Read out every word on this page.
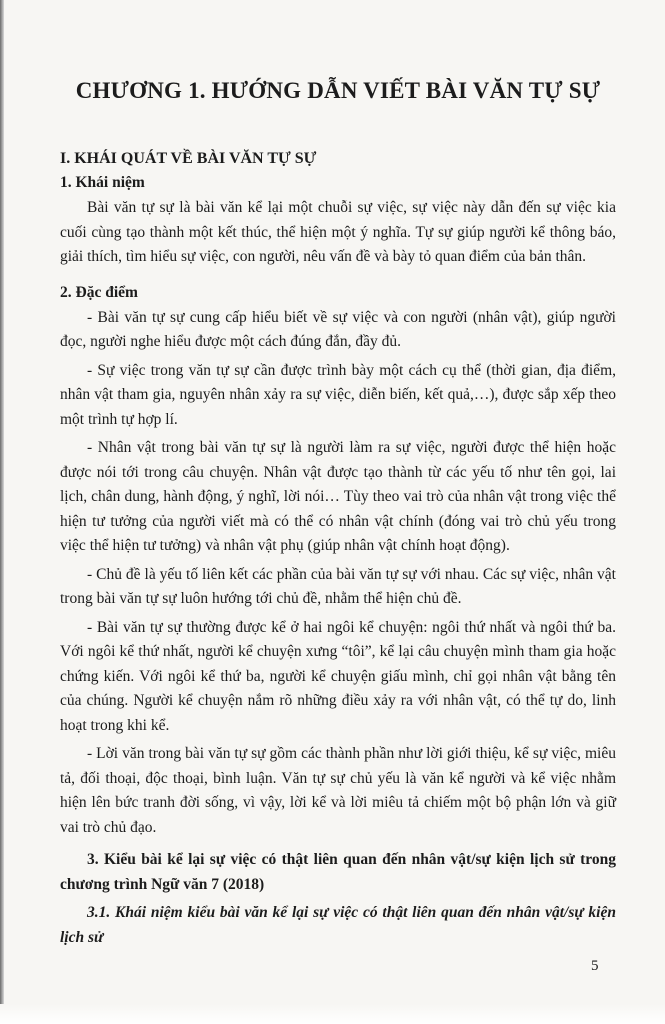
CHƯƠNG 1. HƯỚNG DẪN VIẾT BÀI VĂN TỰ SỰ
I. KHÁI QUÁT VỀ BÀI VĂN TỰ SỰ
1. Khái niệm

Bài văn tự sự là bài văn kể lại một chuỗi sự việc, sự việc này dẫn đến sự việc kia cuối cùng tạo thành một kết thúc, thể hiện một ý nghĩa. Tự sự giúp người kể thông báo, giải thích, tìm hiểu sự việc, con người, nêu vấn đề và bày tỏ quan điểm của bản thân.

2. Đặc điểm

- Bài văn tự sự cung cấp hiểu biết về sự việc và con người (nhân vật), giúp người đọc, người nghe hiểu được một cách đúng đắn, đầy đủ.

- Sự việc trong văn tự sự cần được trình bày một cách cụ thể (thời gian, địa điểm, nhân vật tham gia, nguyên nhân xảy ra sự việc, diễn biến, kết quả,…), được sắp xếp theo một trình tự hợp lí.

- Nhân vật trong bài văn tự sự là người làm ra sự việc, người được thể hiện hoặc được nói tới trong câu chuyện. Nhân vật được tạo thành từ các yếu tố như tên gọi, lai lịch, chân dung, hành động, ý nghĩ, lời nói… Tùy theo vai trò của nhân vật trong việc thể hiện tư tưởng của người viết mà có thể có nhân vật chính (đóng vai trò chủ yếu trong việc thể hiện tư tưởng) và nhân vật phụ (giúp nhân vật chính hoạt động).

- Chủ đề là yếu tố liên kết các phần của bài văn tự sự với nhau. Các sự việc, nhân vật trong bài văn tự sự luôn hướng tới chủ đề, nhằm thể hiện chủ đề.

- Bài văn tự sự thường được kể ở hai ngôi kể chuyện: ngôi thứ nhất và ngôi thứ ba. Với ngôi kể thứ nhất, người kể chuyện xưng “tôi”, kể lại câu chuyện mình tham gia hoặc chứng kiến. Với ngôi kể thứ ba, người kể chuyện giấu mình, chỉ gọi nhân vật bằng tên của chúng. Người kể chuyện nắm rõ những điều xảy ra với nhân vật, có thể tự do, linh hoạt trong khi kể.

- Lời văn trong bài văn tự sự gồm các thành phần như lời giới thiệu, kể sự việc, miêu tả, đối thoại, độc thoại, bình luận. Văn tự sự chủ yếu là văn kể người và kể việc nhằm hiện lên bức tranh đời sống, vì vậy, lời kể và lời miêu tả chiếm một bộ phận lớn và giữ vai trò chủ đạo.

3. Kiểu bài kể lại sự việc có thật liên quan đến nhân vật/sự kiện lịch sử trong chương trình Ngữ văn 7 (2018)

3.1. Khái niệm kiểu bài văn kể lại sự việc có thật liên quan đến nhân vật/sự kiện lịch sử

5
